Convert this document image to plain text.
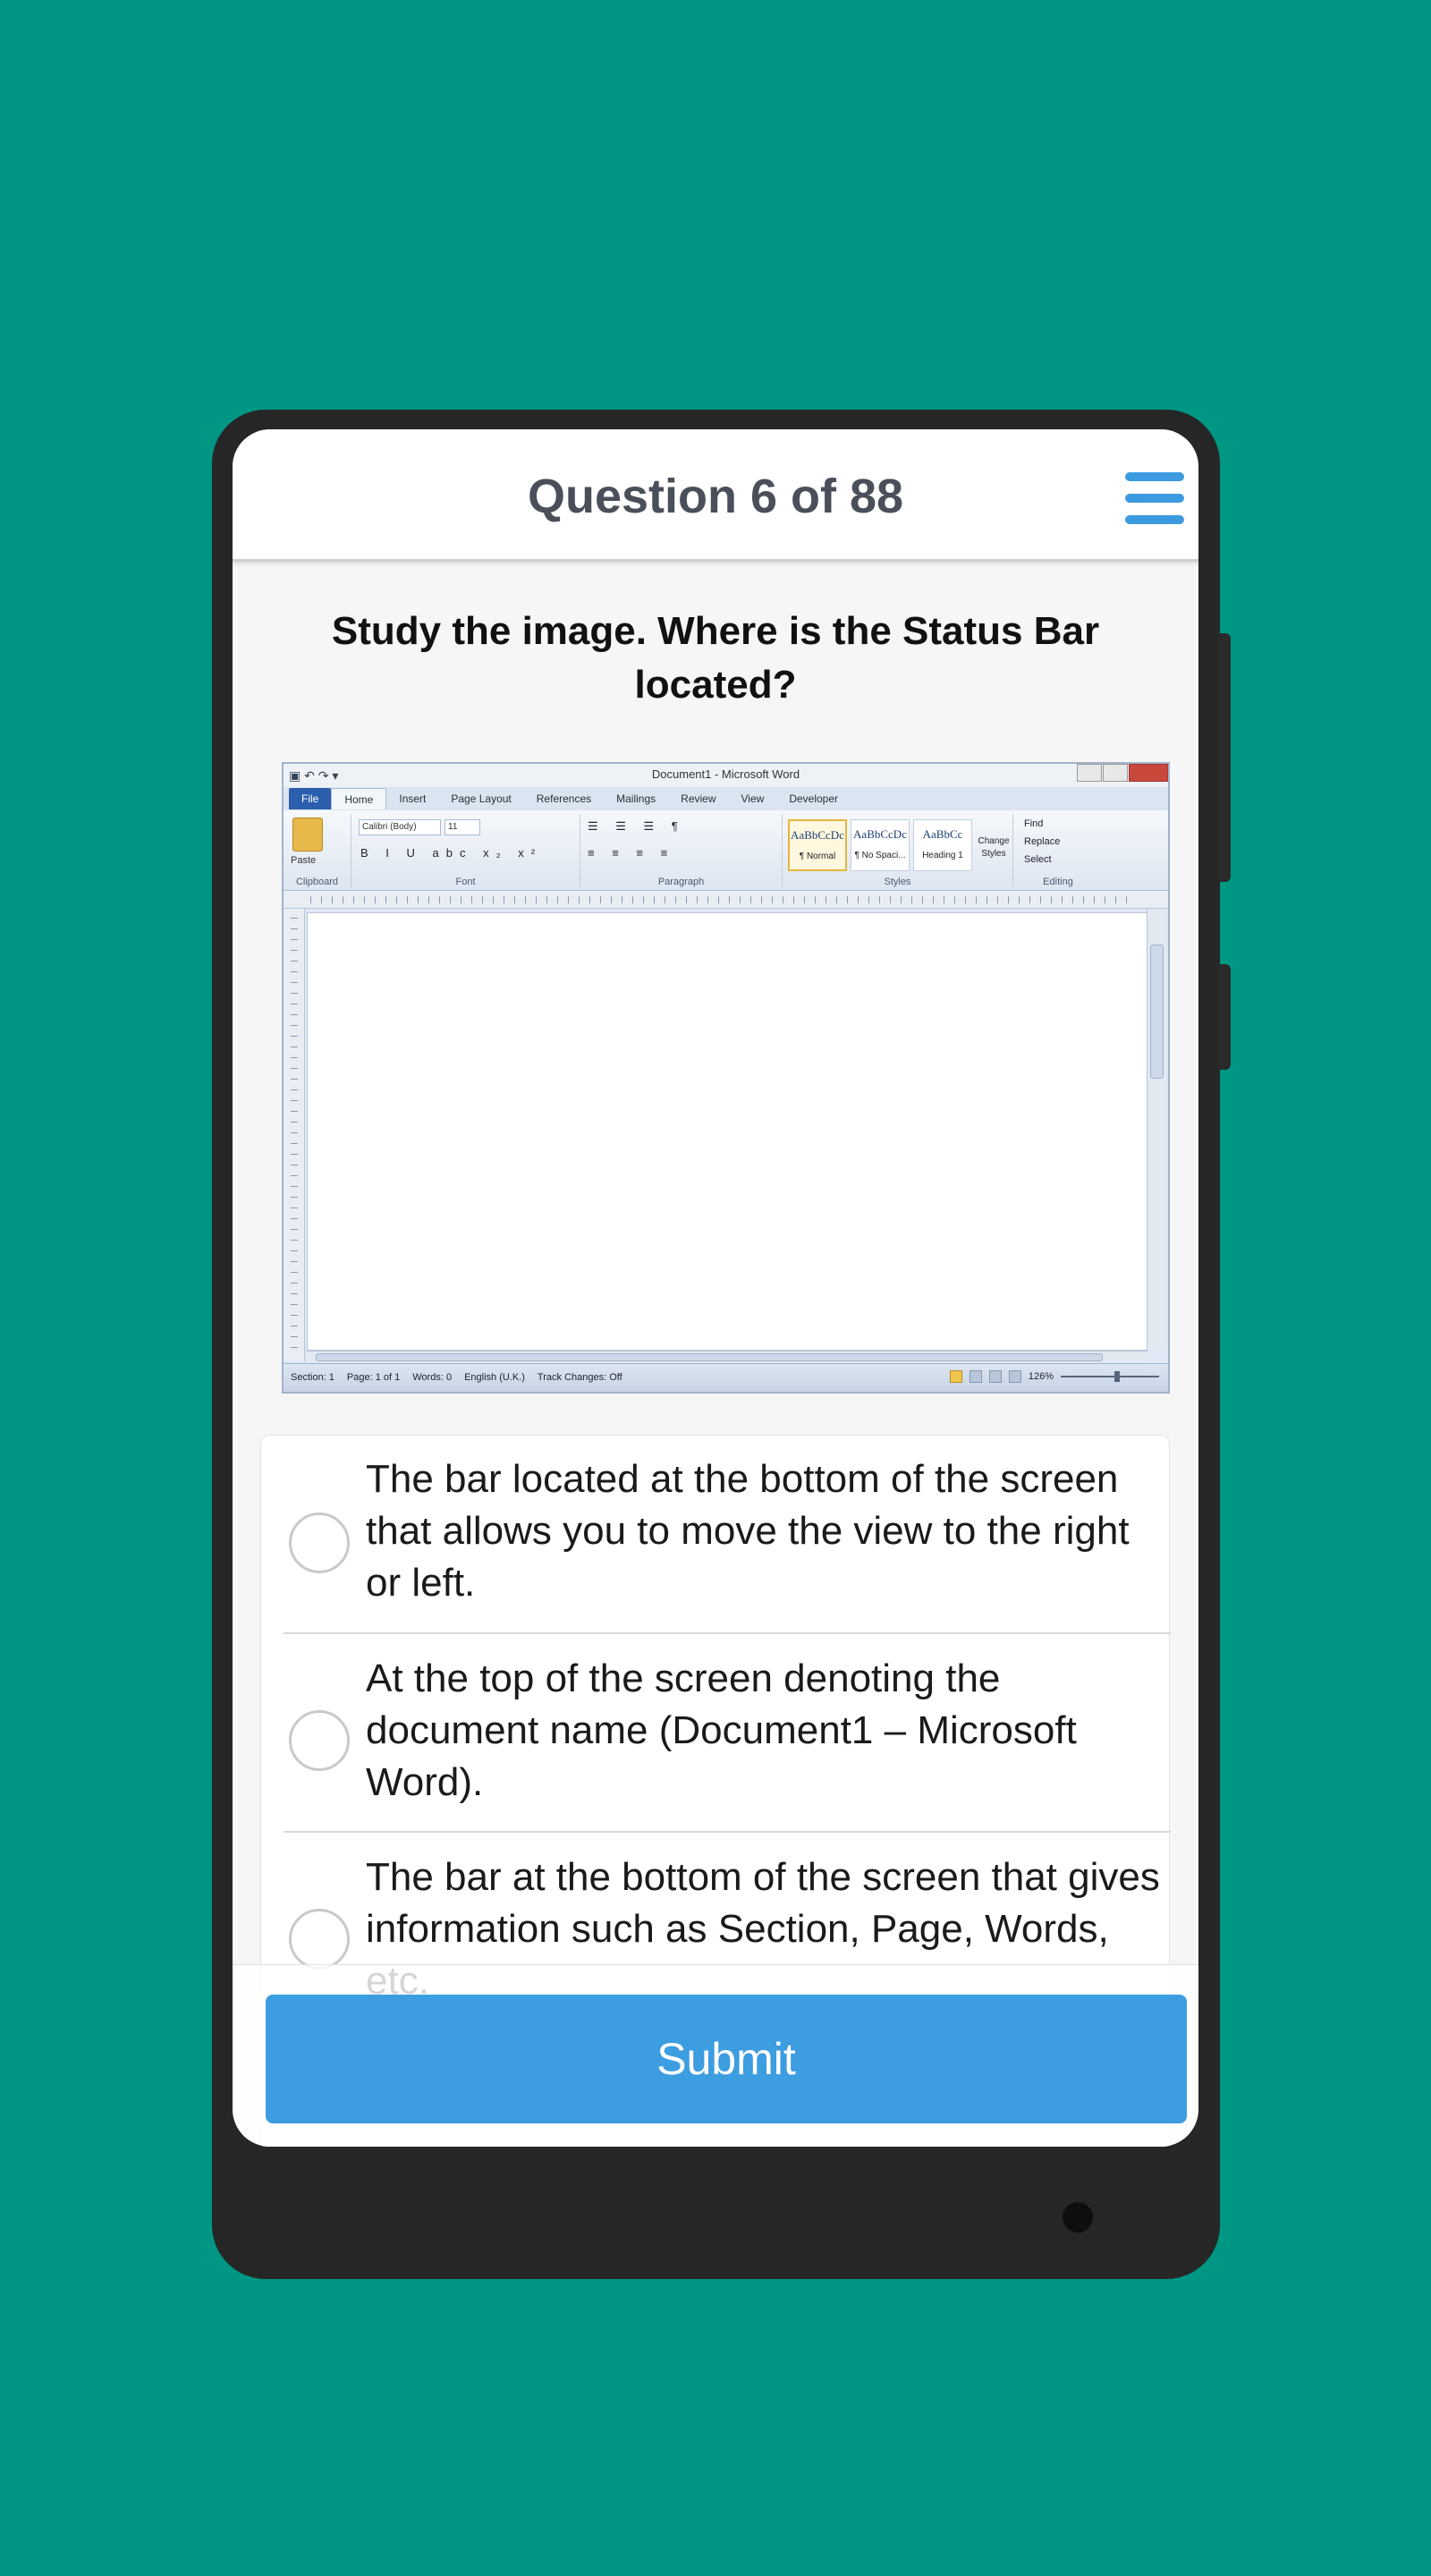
Question 6 of 88
Study the image. Where is the Status Bar located?
▣ ↶ ↷ ▾	Document1 - Microsoft Word
File	Home	Insert	Page Layout	References	Mailings	Review	View	Developer
Paste
Clipboard
Calibri (Body)	11
B I U abc x₂ x²
Font
☰ ☰ ☰ ¶
≡ ≡ ≡ ≡
Paragraph
AaBbCcDc
¶ Normal
AaBbCcDc
¶ No Spaci...
AaBbCc
Heading 1
Change Styles
Styles
Find
Replace
Select
Editing
Section: 1 Page: 1 of 1 Words: 0 English (U.K.) Track Changes: Off	126%
The bar located at the bottom of the screen that allows you to move the view to the right or left.
At the top of the screen denoting the document name (Document1 – Microsoft Word).
The bar at the bottom of the screen that gives information such as Section, Page, Words,
Submit
